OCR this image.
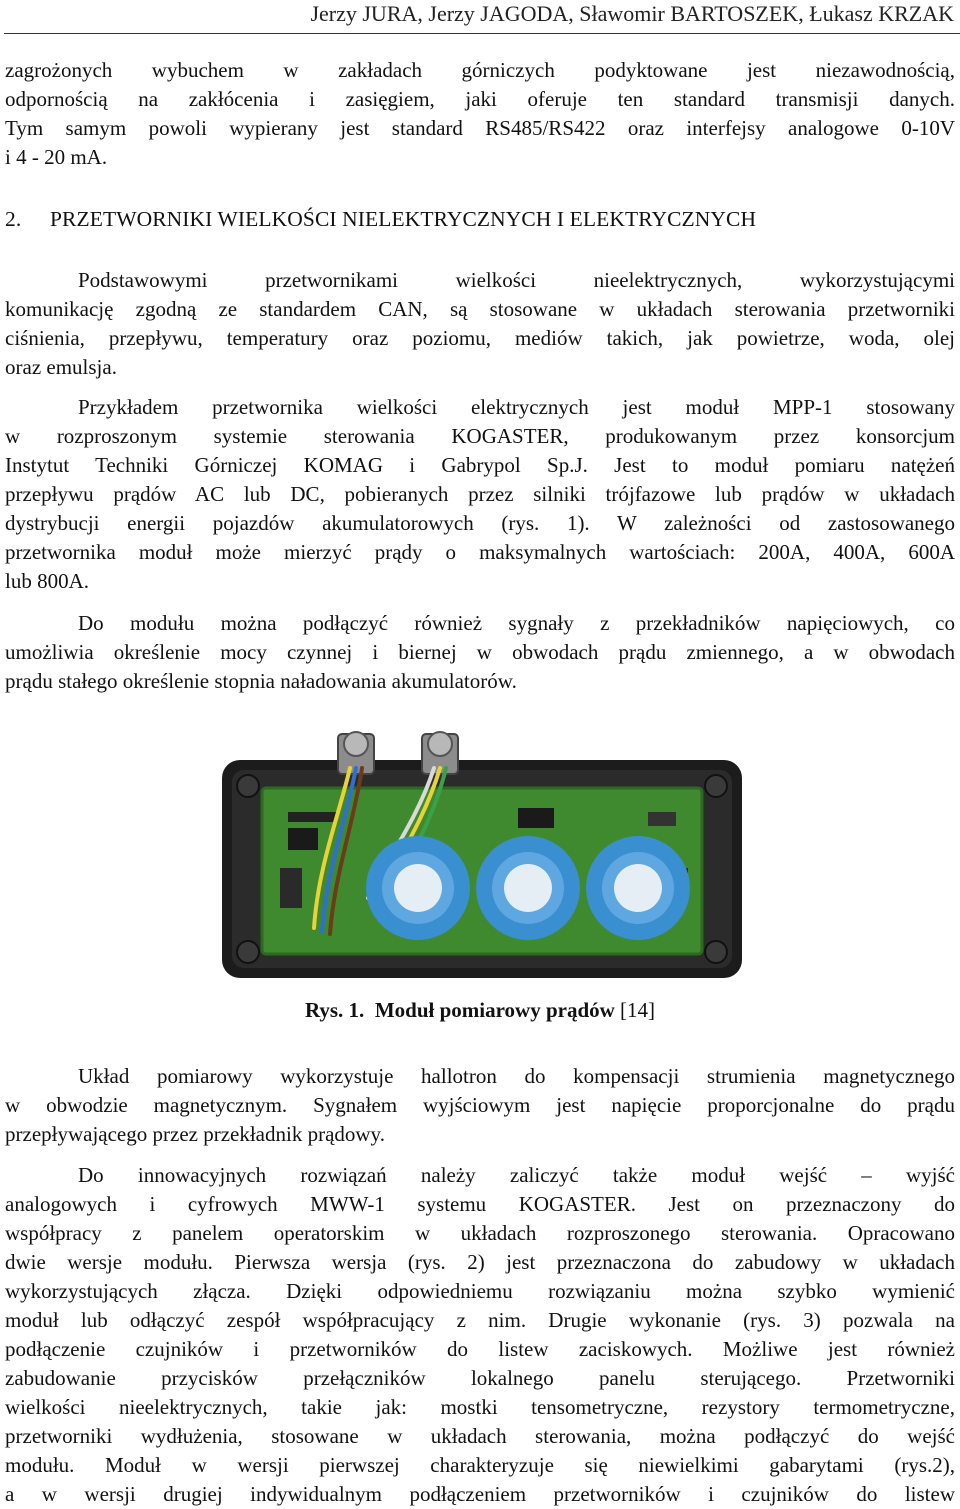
Jerzy JURA, Jerzy JAGODA, Sławomir BARTOSZEK, Łukasz KRZAK
zagrożonych wybuchem w zakładach górniczych podyktowane jest niezawodnością,
odpornością na zakłócenia i zasięgiem, jaki oferuje ten standard transmisji danych.
Tym samym powoli wypierany jest standard RS485/RS422 oraz interfejsy analogowe 0-10V
i 4 - 20 mA.
2. PRZETWORNIKI WIELKOŚCI NIELEKTRYCZNYCH I ELEKTRYCZNYCH
Podstawowymi przetwornikami wielkości nieelektrycznych, wykorzystującymi
komunikację zgodną ze standardem CAN, są stosowane w układach sterowania przetworniki
ciśnienia, przepływu, temperatury oraz poziomu, mediów takich, jak powietrze, woda, olej
oraz emulsja.
Przykładem przetwornika wielkości elektrycznych jest moduł MPP-1 stosowany
w rozproszonym systemie sterowania KOGASTER, produkowanym przez konsorcjum
Instytut Techniki Górniczej KOMAG i Gabrypol Sp.J. Jest to moduł pomiaru natężeń
przepływu prądów AC lub DC, pobieranych przez silniki trójfazowe lub prądów w układach
dystrybucji energii pojazdów akumulatorowych (rys. 1). W zależności od zastosowanego
przetwornika moduł może mierzyć prądy o maksymalnych wartościach: 200A, 400A, 600A
lub 800A.
Do modułu można podłączyć również sygnały z przekładników napięciowych, co
umożliwia określenie mocy czynnej i biernej w obwodach prądu zmiennego, a w obwodach
prądu stałego określenie stopnia naładowania akumulatorów.
Rys. 1. Moduł pomiarowy prądów [14]
Układ pomiarowy wykorzystuje hallotron do kompensacji strumienia magnetycznego
w obwodzie magnetycznym. Sygnałem wyjściowym jest napięcie proporcjonalne do prądu
przepływającego przez przekładnik prądowy.
Do innowacyjnych rozwiązań należy zaliczyć także moduł wejść – wyjść
analogowych i cyfrowych MWW-1 systemu KOGASTER. Jest on przeznaczony do
współpracy z panelem operatorskim w układach rozproszonego sterowania. Opracowano
dwie wersje modułu. Pierwsza wersja (rys. 2) jest przeznaczona do zabudowy w układach
wykorzystujących złącza. Dzięki odpowiedniemu rozwiązaniu można szybko wymienić
moduł lub odłączyć zespół współpracujący z nim. Drugie wykonanie (rys. 3) pozwala na
podłączenie czujników i przetworników do listew zaciskowych. Możliwe jest również
zabudowanie przycisków przełączników lokalnego panelu sterującego. Przetworniki
wielkości nieelektrycznych, takie jak: mostki tensometryczne, rezystory termometryczne,
przetworniki wydłużenia, stosowane w układach sterowania, można podłączyć do wejść
modułu. Moduł w wersji pierwszej charakteryzuje się niewielkimi gabarytami (rys.2),
a w wersji drugiej indywidualnym podłączeniem przetworników i czujników do listew
